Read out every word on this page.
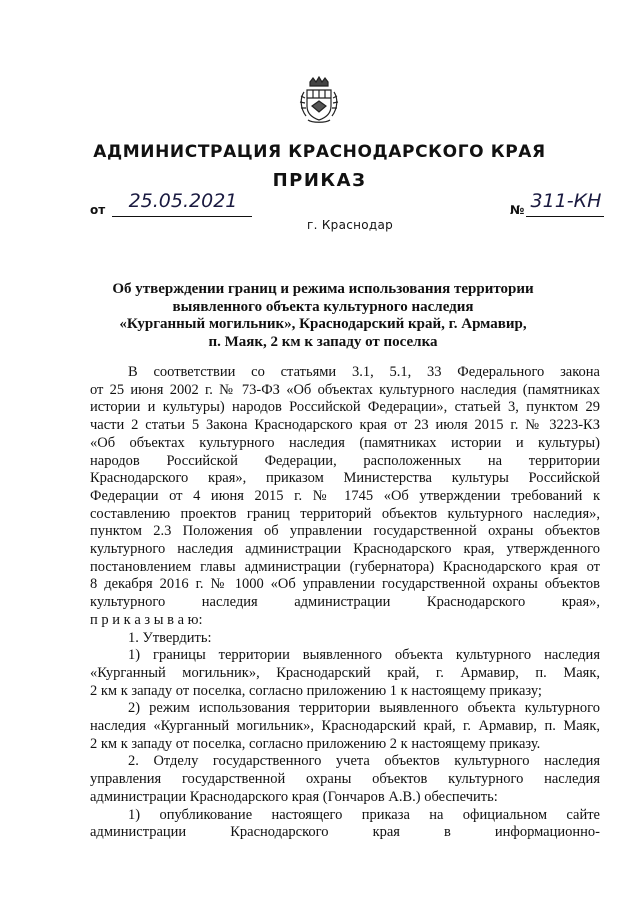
АДМИНИСТРАЦИЯ КРАСНОДАРСКОГО КРАЯ
ПРИКАЗ
от	25.05.2021
г. Краснодар
№ 311-КН
Об утверждении границ и режима использования территории
выявленного объекта культурного наследия
«Курганный могильник», Краснодарский край, г. Армавир,
п. Маяк, 2 км к западу от поселка
В соответствии со статьями 3.1, 5.1, 33 Федерального закона
от 25 июня 2002 г. № 73-ФЗ «Об объектах культурного наследия (памятниках
истории и культуры) народов Российской Федерации», статьей 3, пунктом 29
части 2 статьи 5 Закона Краснодарского края от 23 июля 2015 г. № 3223-КЗ
«Об объектах культурного наследия (памятниках истории и культуры)
народов Российской Федерации, расположенных на территории
Краснодарского края», приказом Министерства культуры Российской
Федерации от 4 июня 2015 г. № 1745 «Об утверждении требований к
составлению проектов границ территорий объектов культурного наследия»,
пунктом 2.3 Положения об управлении государственной охраны объектов
культурного наследия администрации Краснодарского края, утвержденного
постановлением главы администрации (губернатора) Краснодарского края от
8 декабря 2016 г. № 1000 «Об управлении государственной охраны объектов
культурного наследия администрации Краснодарского края»,
п р и к а з ы в а ю:
1. Утвердить:
1) границы территории выявленного объекта культурного наследия
«Курганный могильник», Краснодарский край, г. Армавир, п. Маяк,
2 км к западу от поселка, согласно приложению 1 к настоящему приказу;
2) режим использования территории выявленного объекта культурного
наследия «Курганный могильник», Краснодарский край, г. Армавир, п. Маяк,
2 км к западу от поселка, согласно приложению 2 к настоящему приказу.
2. Отделу государственного учета объектов культурного наследия
управления государственной охраны объектов культурного наследия
администрации Краснодарского края (Гончаров А.В.) обеспечить:
1) опубликование настоящего приказа на официальном сайте
администрации Краснодарского края в информационно-
